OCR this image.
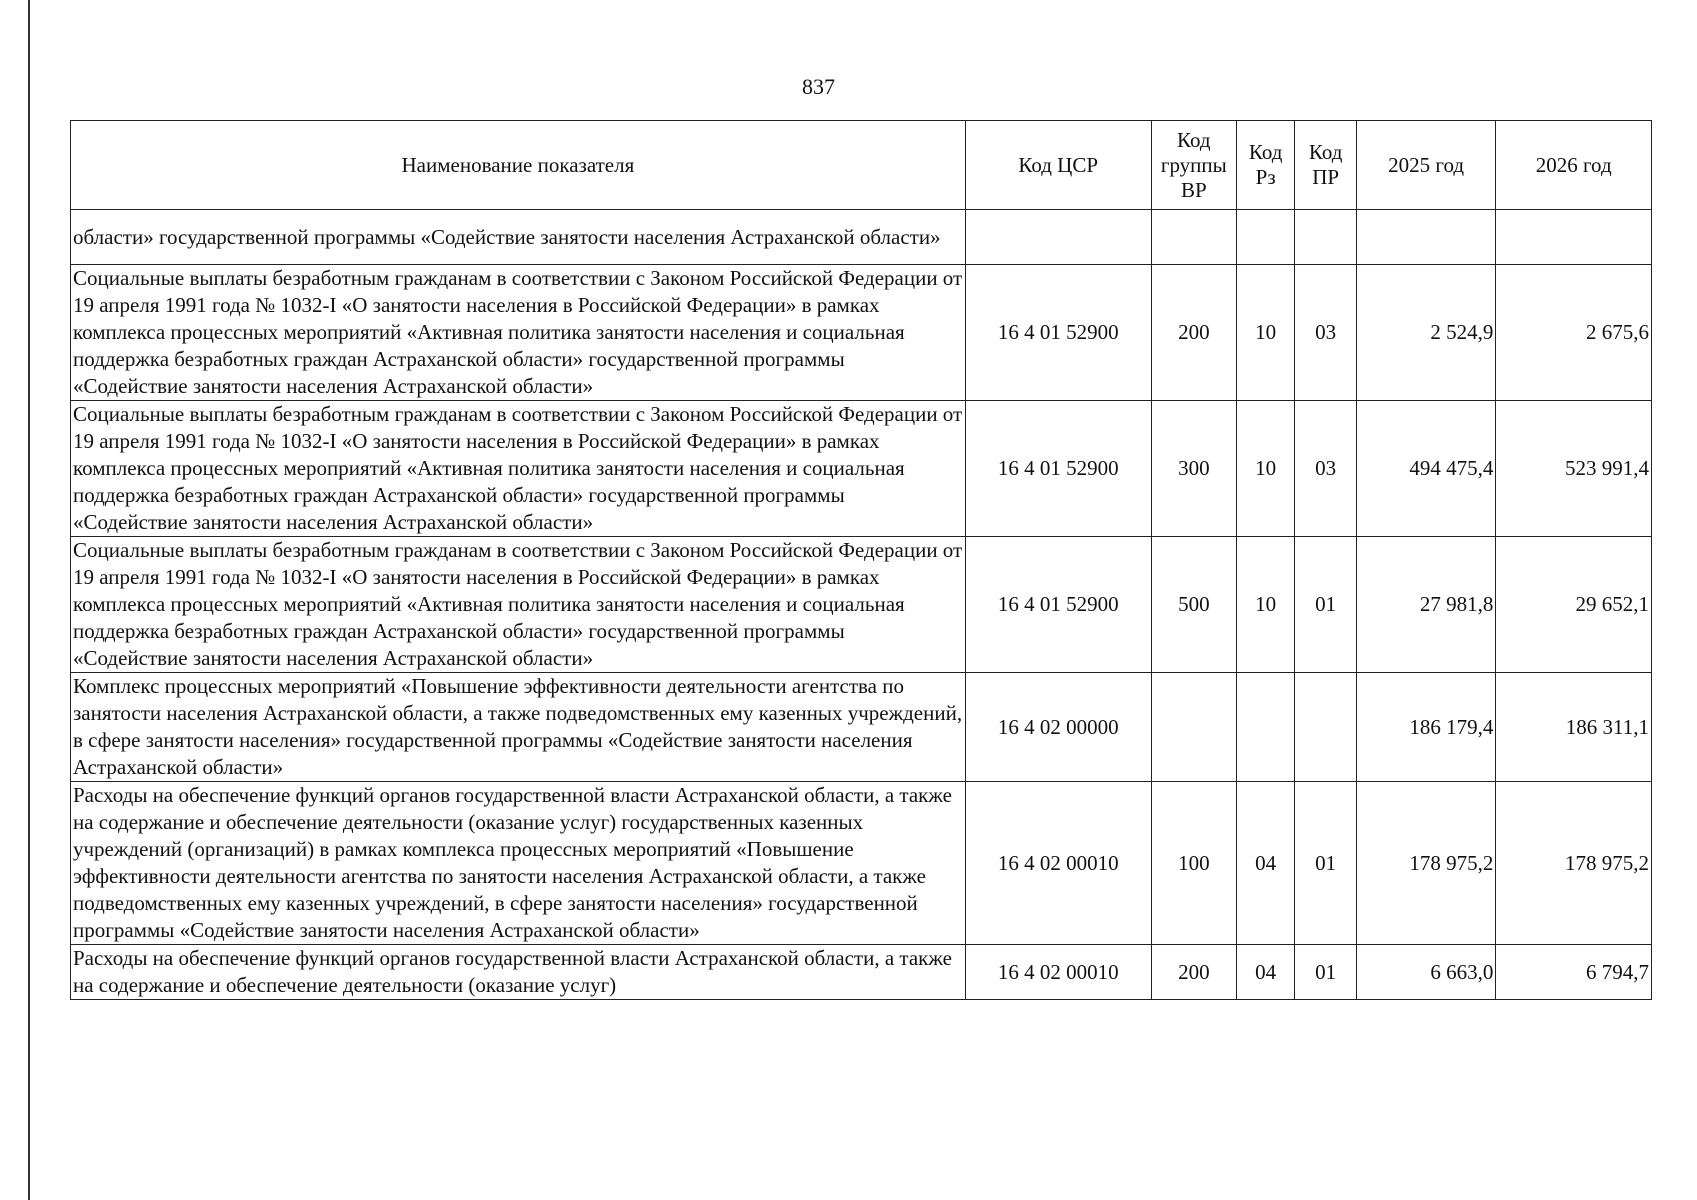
837
Наименование показателя	Код ЦСР	Код группы ВР	Код Рз	Код ПР	2025 год	2026 год
области» государственной программы «Содействие занятости населения Астраханской области»						
Социальные выплаты безработным гражданам в соответствии с Законом Российской Федерации от 19 апреля 1991 года № 1032-I «О занятости населения в Российской Федерации» в рамках комплекса процессных мероприятий «Активная политика занятости населения и социальная поддержка безработных граждан Астраханской области» государственной программы «Содействие занятости населения Астраханской области»	16 4 01 52900	200	10	03	2 524,9	2 675,6
Социальные выплаты безработным гражданам в соответствии с Законом Российской Федерации от 19 апреля 1991 года № 1032-I «О занятости населения в Российской Федерации» в рамках комплекса процессных мероприятий «Активная политика занятости населения и социальная поддержка безработных граждан Астраханской области» государственной программы «Содействие занятости населения Астраханской области»	16 4 01 52900	300	10	03	494 475,4	523 991,4
Социальные выплаты безработным гражданам в соответствии с Законом Российской Федерации от 19 апреля 1991 года № 1032-I «О занятости населения в Российской Федерации» в рамках комплекса процессных мероприятий «Активная политика занятости населения и социальная поддержка безработных граждан Астраханской области» государственной программы «Содействие занятости населения Астраханской области»	16 4 01 52900	500	10	01	27 981,8	29 652,1
Комплекс процессных мероприятий «Повышение эффективности деятельности агентства по занятости населения Астраханской области, а также подведомственных ему казенных учреждений, в сфере занятости населения» государственной программы «Содействие занятости населения Астраханской области»	16 4 02 00000				186 179,4	186 311,1
Расходы на обеспечение функций органов государственной власти Астраханской области, а также на содержание и обеспечение деятельности (оказание услуг) государственных казенных учреждений (организаций) в рамках комплекса процессных мероприятий «Повышение эффективности деятельности агентства по занятости населения Астраханской области, а также подведомственных ему казенных учреждений, в сфере занятости населения» государственной программы «Содействие занятости населения Астраханской области»	16 4 02 00010	100	04	01	178 975,2	178 975,2
Расходы на обеспечение функций органов государственной власти Астраханской области, а также на содержание и обеспечение деятельности (оказание услуг)	16 4 02 00010	200	04	01	6 663,0	6 794,7
